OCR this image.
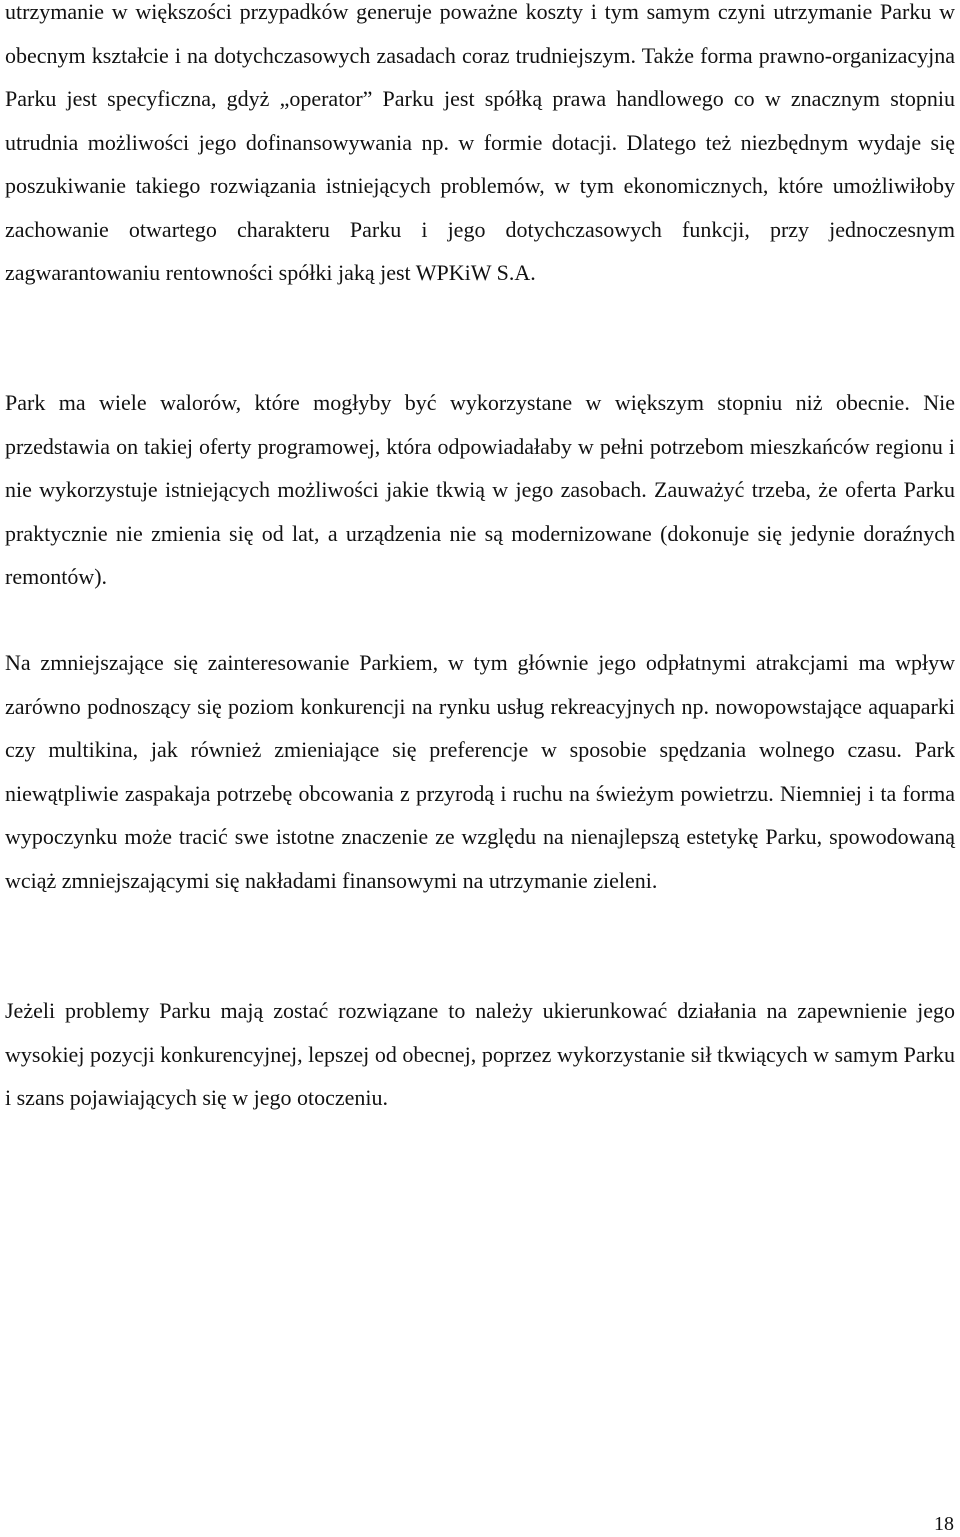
utrzymanie w większości przypadków generuje poważne koszty i tym samym czyni utrzymanie Parku w obecnym kształcie i na dotychczasowych zasadach coraz trudniejszym. Także forma prawno-organizacyjna Parku jest specyficzna, gdyż „operator” Parku jest spółką prawa handlowego co w znacznym stopniu utrudnia możliwości jego dofinansowywania np. w formie dotacji. Dlatego też niezbędnym wydaje się poszukiwanie takiego rozwiązania istniejących problemów, w tym ekonomicznych, które umożliwiłoby zachowanie otwartego charakteru Parku i jego dotychczasowych funkcji, przy jednoczesnym zagwarantowaniu rentowności spółki jaką jest WPKiW S.A.

Park ma wiele walorów, które mogłyby być wykorzystane w większym stopniu niż obecnie. Nie przedstawia on takiej oferty programowej, która odpowiadałaby w pełni potrzebom mieszkańców regionu i nie wykorzystuje istniejących możliwości jakie tkwią w jego zasobach. Zauważyć trzeba, że oferta Parku praktycznie nie zmienia się od lat, a urządzenia nie są modernizowane (dokonuje się jedynie doraźnych remontów).

Na zmniejszające się zainteresowanie Parkiem, w tym głównie jego odpłatnymi atrakcjami ma wpływ zarówno podnoszący się poziom konkurencji na rynku usług rekreacyjnych np. nowopowstające aquaparki czy multikina, jak również zmieniające się preferencje w sposobie spędzania wolnego czasu. Park niewątpliwie zaspakaja potrzebę obcowania z przyrodą i ruchu na świeżym powietrzu. Niemniej i ta forma wypoczynku może tracić swe istotne znaczenie ze względu na nienajlepszą estetykę Parku, spowodowaną wciąż zmniejszającymi się nakładami finansowymi na utrzymanie zieleni.

Jeżeli problemy Parku mają zostać rozwiązane to należy ukierunkować działania na zapewnienie jego wysokiej pozycji konkurencyjnej, lepszej od obecnej, poprzez wykorzystanie sił tkwiących w samym Parku i szans pojawiających się w jego otoczeniu.

18
